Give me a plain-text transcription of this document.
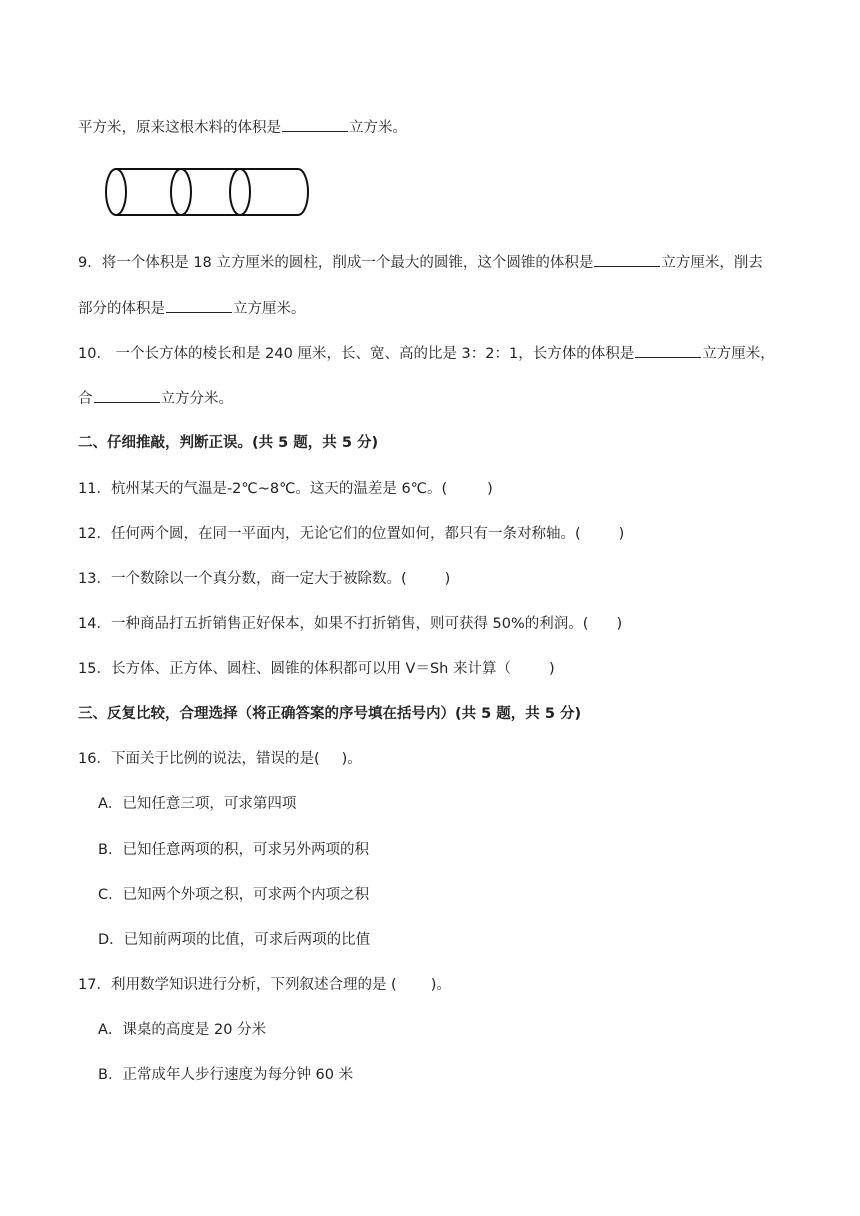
平方米，原来这根木料的体积是	立方米。
9．将一个体积是 18 立方厘米的圆柱，削成一个最大的圆锥，这个圆锥的体积是	立方厘米，削去
部分的体积是	立方厘米。
10． 一个长方体的棱长和是 240 厘米，长、宽、高的比是 3：2：1，长方体的体积是	立方厘米，
合	立方分米。
二、仔细推敲，判断正误。(共 5 题，共 5 分)
11．杭州某天的气温是-2℃~8℃。这天的温差是 6℃。(	)
12．任何两个圆，在同一平面内，无论它们的位置如何，都只有一条对称轴。(	)
13．一个数除以一个真分数，商一定大于被除数。(	)
14．一种商品打五折销售正好保本，如果不打折销售，则可获得 50%的利润。( )
15．长方体、正方体、圆柱、圆锥的体积都可以用 V＝Sh 来计算（	)
三、反复比较，合理选择（将正确答案的序号填在括号内）(共 5 题，共 5 分)
16．下面关于比例的说法，错误的是( )。
A．已知任意三项，可求第四项
B．已知任意两项的积，可求另外两项的积
C．已知两个外项之积，可求两个内项之积
D．已知前两项的比值，可求后两项的比值
17．利用数学知识进行分析，下列叙述合理的是 ( )。
A．课桌的高度是 20 分米
B．正常成年人步行速度为每分钟 60 米
